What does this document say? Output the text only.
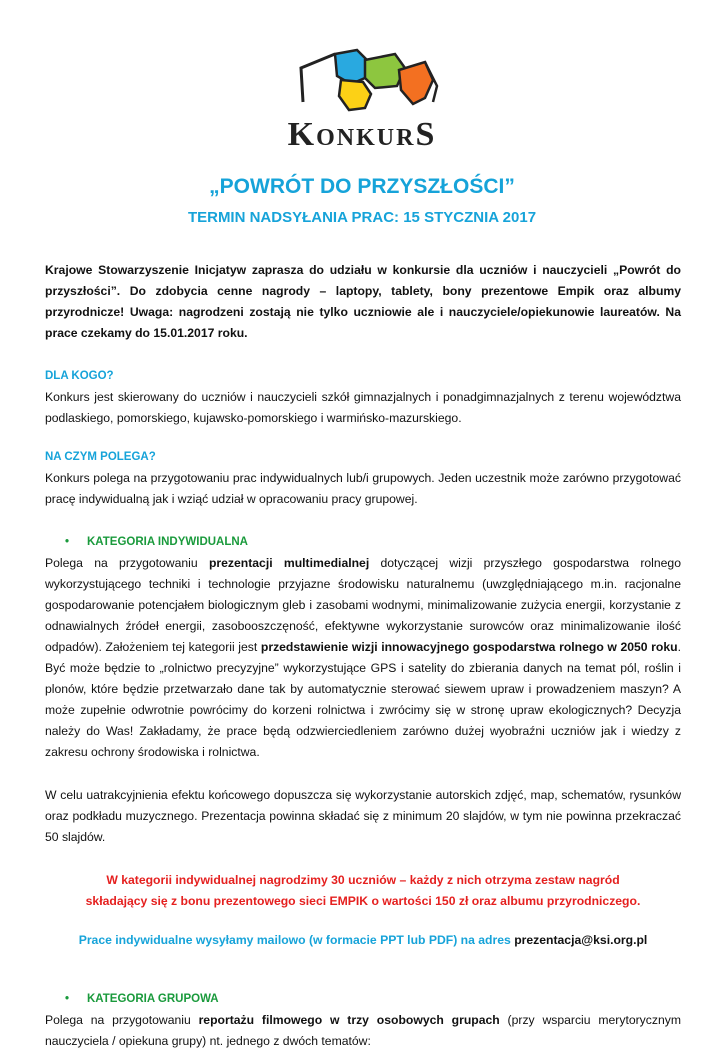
KONKURS
„POWRÓT DO PRZYSZŁOŚCI”
TERMIN NADSYŁANIA PRAC: 15 STYCZNIA 2017

Krajowe Stowarzyszenie Inicjatyw zaprasza do udziału w konkursie dla uczniów i nauczycieli „Powrót do przyszłości”. Do zdobycia cenne nagrody – laptopy, tablety, bony prezentowe Empik oraz albumy przyrodnicze! Uwaga: nagrodzeni zostają nie tylko uczniowie ale i nauczyciele/opiekunowie laureatów. Na prace czekamy do 15.01.2017 roku.

DLA KOGO?

Konkurs jest skierowany do uczniów i nauczycieli szkół gimnazjalnych i ponadgimnazjalnych z terenu województwa podlaskiego, pomorskiego, kujawsko-pomorskiego i warmińsko-mazurskiego.

NA CZYM POLEGA?

Konkurs polega na przygotowaniu prac indywidualnych lub/i grupowych. Jeden uczestnik może zarówno przygotować pracę indywidualną jak i wziąć udział w opracowaniu pracy grupowej.

• KATEGORIA INDYWIDUALNA

Polega na przygotowaniu prezentacji multimedialnej dotyczącej wizji przyszłego gospodarstwa rolnego wykorzystującego techniki i technologie przyjazne środowisku naturalnemu (uwzględniającego m.in. racjonalne gospodarowanie potencjałem biologicznym gleb i zasobami wodnymi, minimalizowanie zużycia energii, korzystanie z odnawialnych źródeł energii, zasobooszczęność, efektywne wykorzystanie surowców oraz minimalizowanie ilość odpadów). Założeniem tej kategorii jest przedstawienie wizji innowacyjnego gospodarstwa rolnego w 2050 roku. Być może będzie to „rolnictwo precyzyjne” wykorzystujące GPS i satelity do zbierania danych na temat pól, roślin i plonów, które będzie przetwarzało dane tak by automatycznie sterować siewem upraw i prowadzeniem maszyn? A może zupełnie odwrotnie powrócimy do korzeni rolnictwa i zwrócimy się w stronę upraw ekologicznych? Decyzja należy do Was! Zakładamy, że prace będą odzwierciedleniem zarówno dużej wyobraźni uczniów jak i wiedzy z zakresu ochrony środowiska i rolnictwa.

W celu uatrakcyjnienia efektu końcowego dopuszcza się wykorzystanie autorskich zdjęć, map, schematów, rysunków oraz podkładu muzycznego. Prezentacja powinna składać się z minimum 20 slajdów, w tym nie powinna przekraczać 50 slajdów.

W kategorii indywidualnej nagrodzimy 30 uczniów – każdy z nich otrzyma zestaw nagród

składający się z bonu prezentowego sieci EMPIK o wartości 150 zł oraz albumu przyrodniczego.

Prace indywidualne wysyłamy mailowo (w formacie PPT lub PDF) na adres prezentacja@ksi.org.pl

• KATEGORIA GRUPOWA

Polega na przygotowaniu reportażu filmowego w trzy osobowych grupach (przy wsparciu merytorycznym nauczyciela / opiekuna grupy) nt. jednego z dwóch tematów:
